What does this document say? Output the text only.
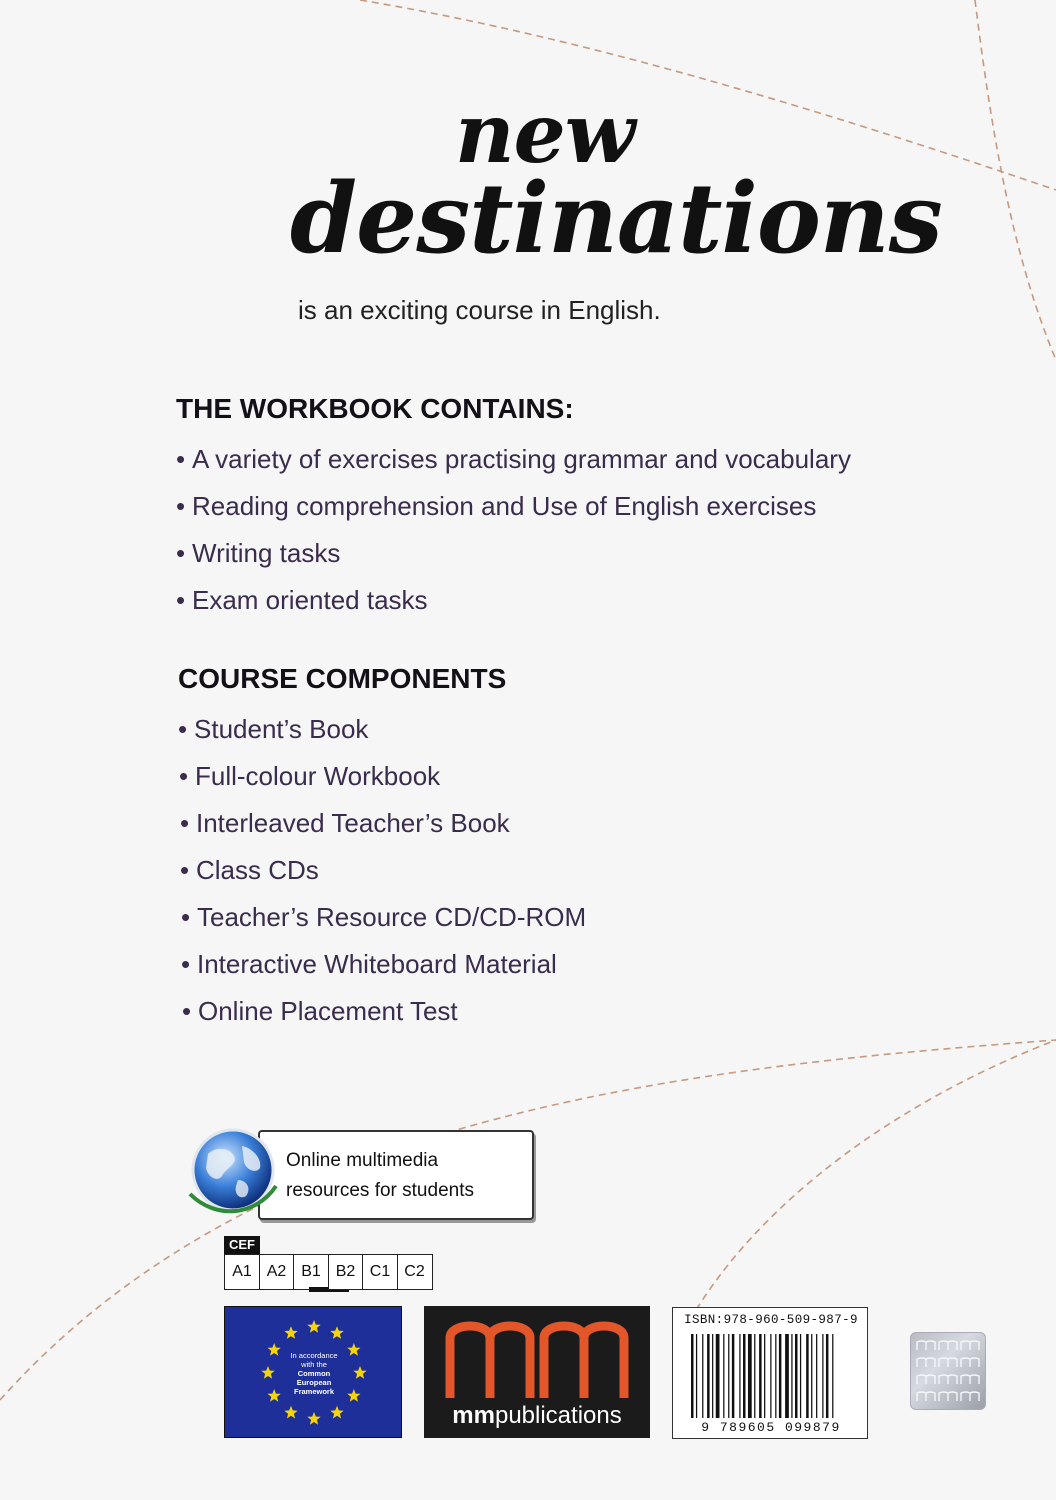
new
destinations
is an exciting course in English.
THE WORKBOOK CONTAINS:
• A variety of exercises practising grammar and vocabulary
• Reading comprehension and Use of English exercises
• Writing tasks
• Exam oriented tasks
COURSE COMPONENTS
• Student’s Book
• Full-colour Workbook
• Interleaved Teacher’s Book
• Class CDs
• Teacher’s Resource CD/CD-ROM
• Interactive Whiteboard Material
• Online Placement Test
Online multimedia
resources for students
CEF
A1 A2 B1 B2 C1 C2
In accordance
with the
Common
European
Framework
mmpublications
ISBN:978-960-509-987-9
9 789605 099879
